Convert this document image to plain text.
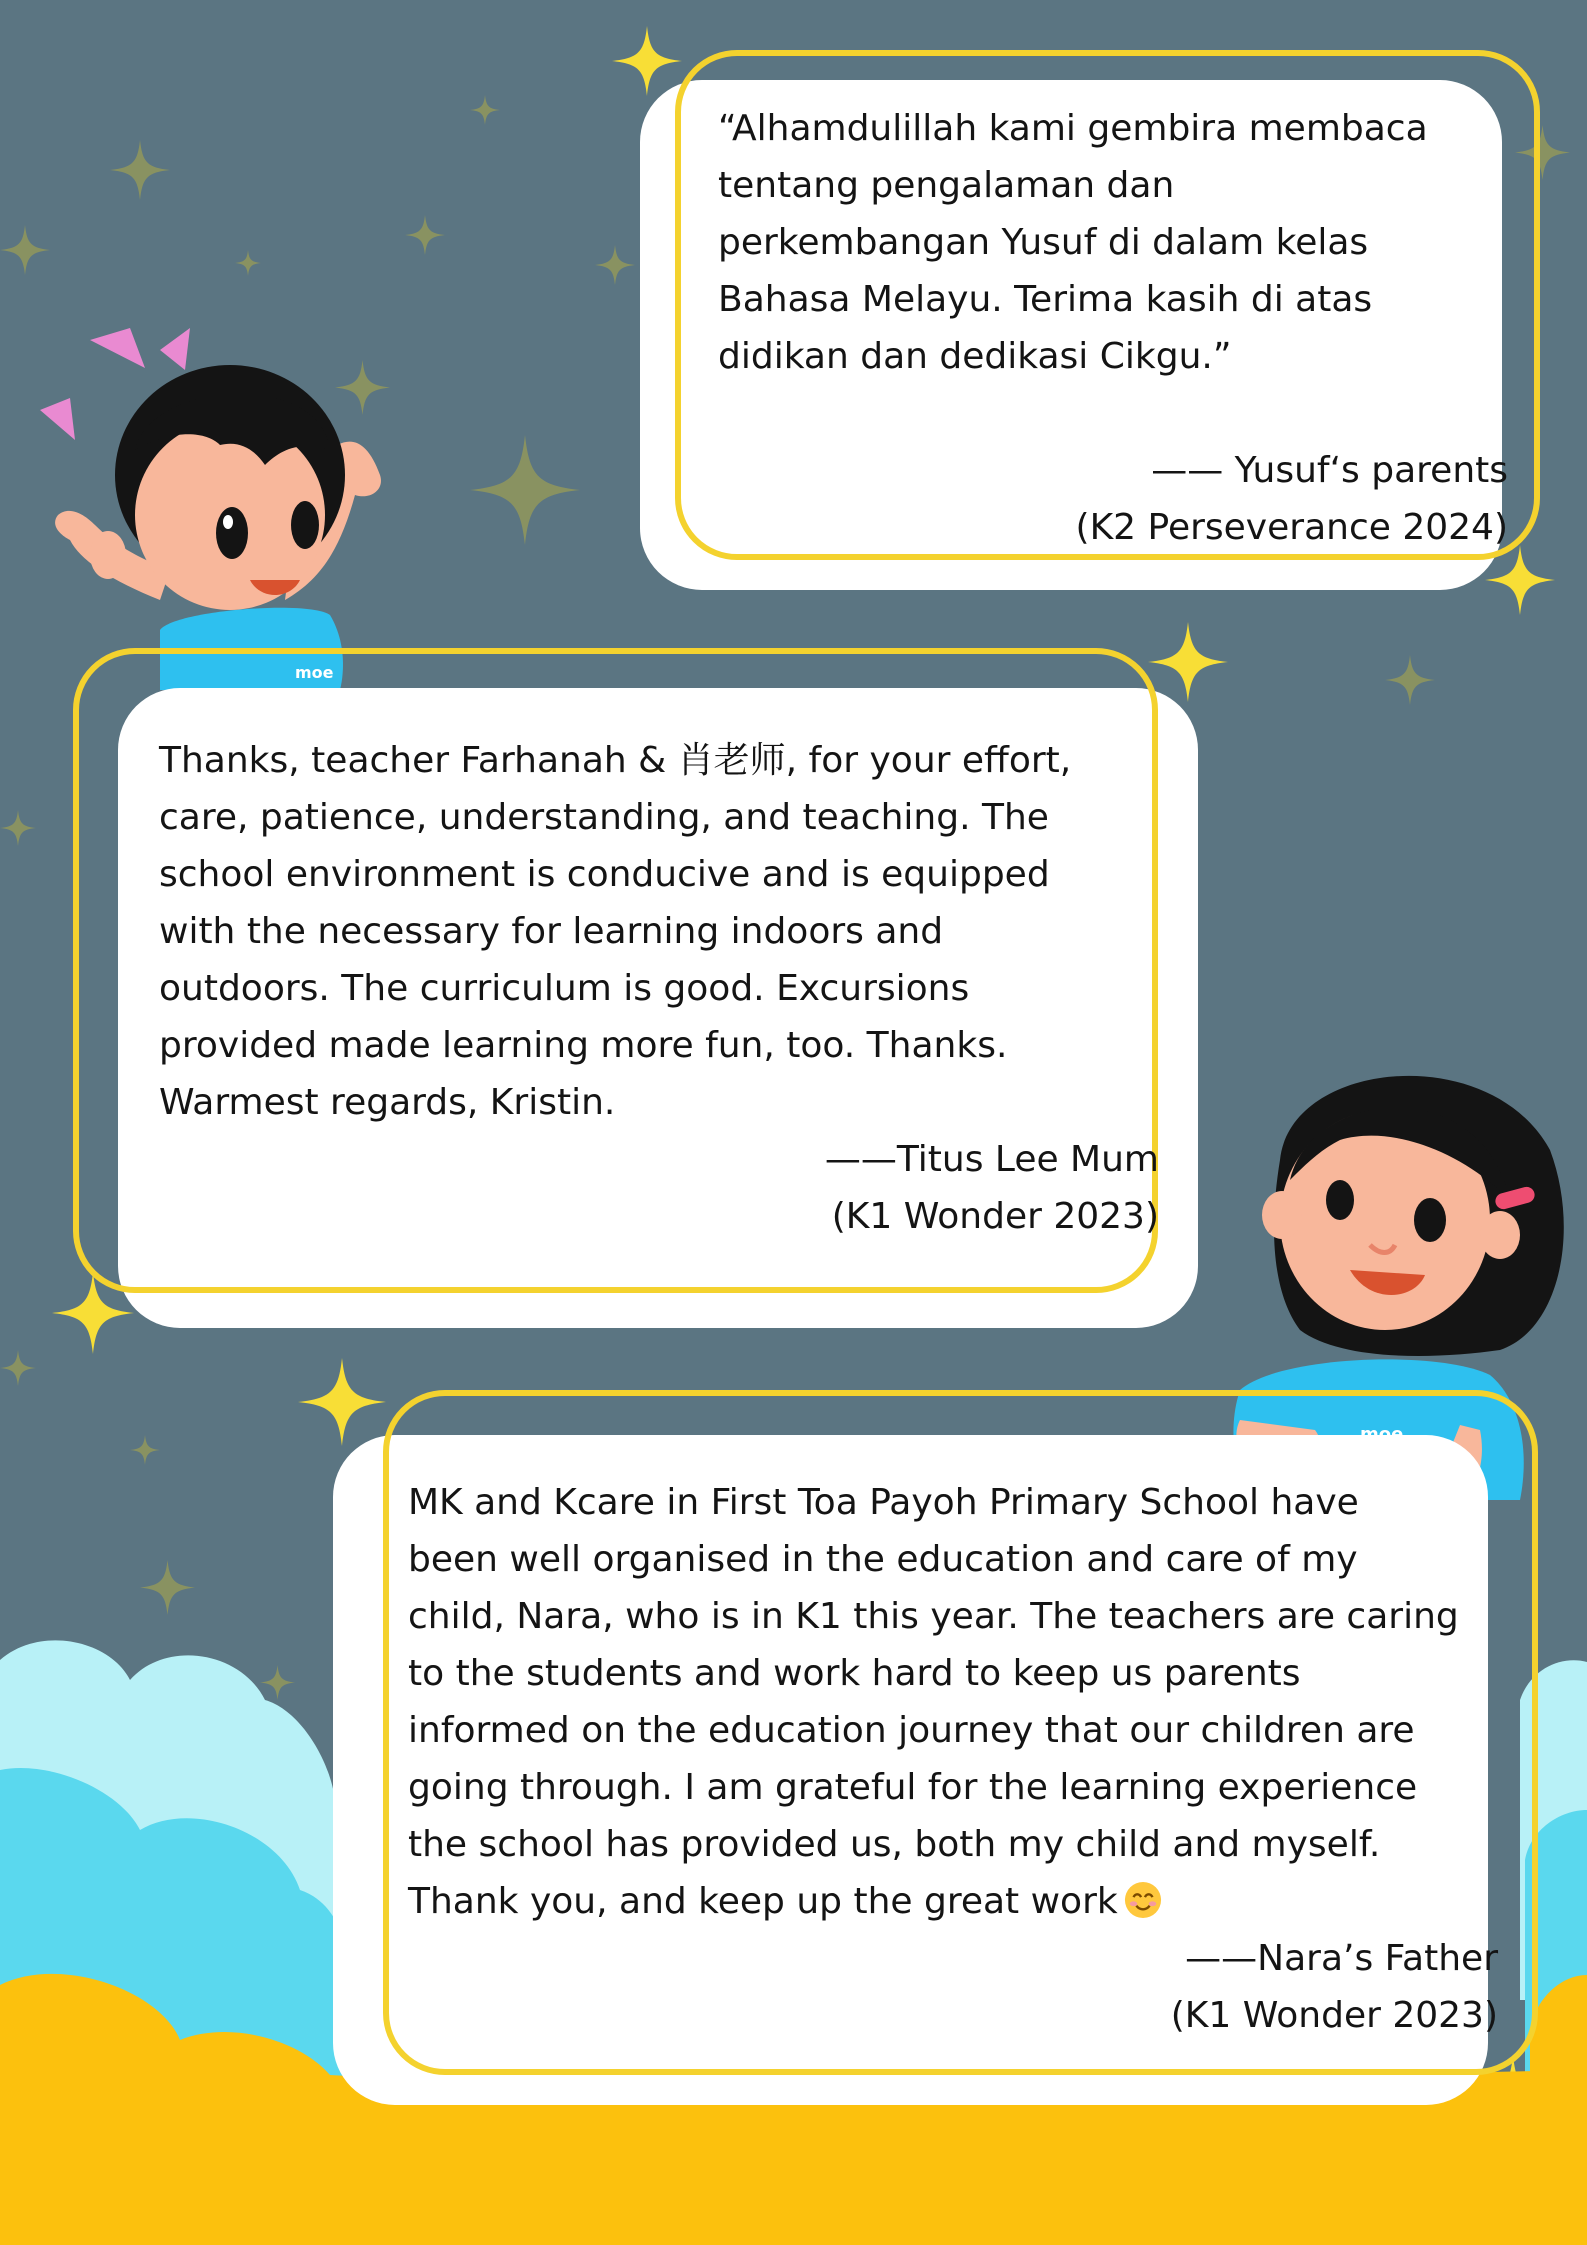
moe

“Alhamdulillah kami gembira membaca

tentang pengalaman dan

perkembangan Yusuf di dalam kelas

Bahasa Melayu. Terima kasih di atas

didikan dan dedikasi Cikgu.”

—— Yusuf‘s parents

(K2 Perseverance 2024)

Thanks, teacher Farhanah & 肖老师, for your effort,

care, patience, understanding, and teaching. The

school environment is conducive and is equipped

with the necessary for learning indoors and

outdoors. The curriculum is good. Excursions

provided made learning more fun, too. Thanks.

Warmest regards, Kristin.

——Titus Lee Mum

(K1 Wonder 2023)

MK and Kcare in First Toa Payoh Primary School have

been well organised in the education and care of my

child, Nara, who is in K1 this year. The teachers are caring

to the students and work hard to keep us parents

informed on the education journey that our children are

going through. I am grateful for the learning experience

the school has provided us, both my child and myself.

Thank you, and keep up the great work

——Nara’s Father

(K1 Wonder 2023)
